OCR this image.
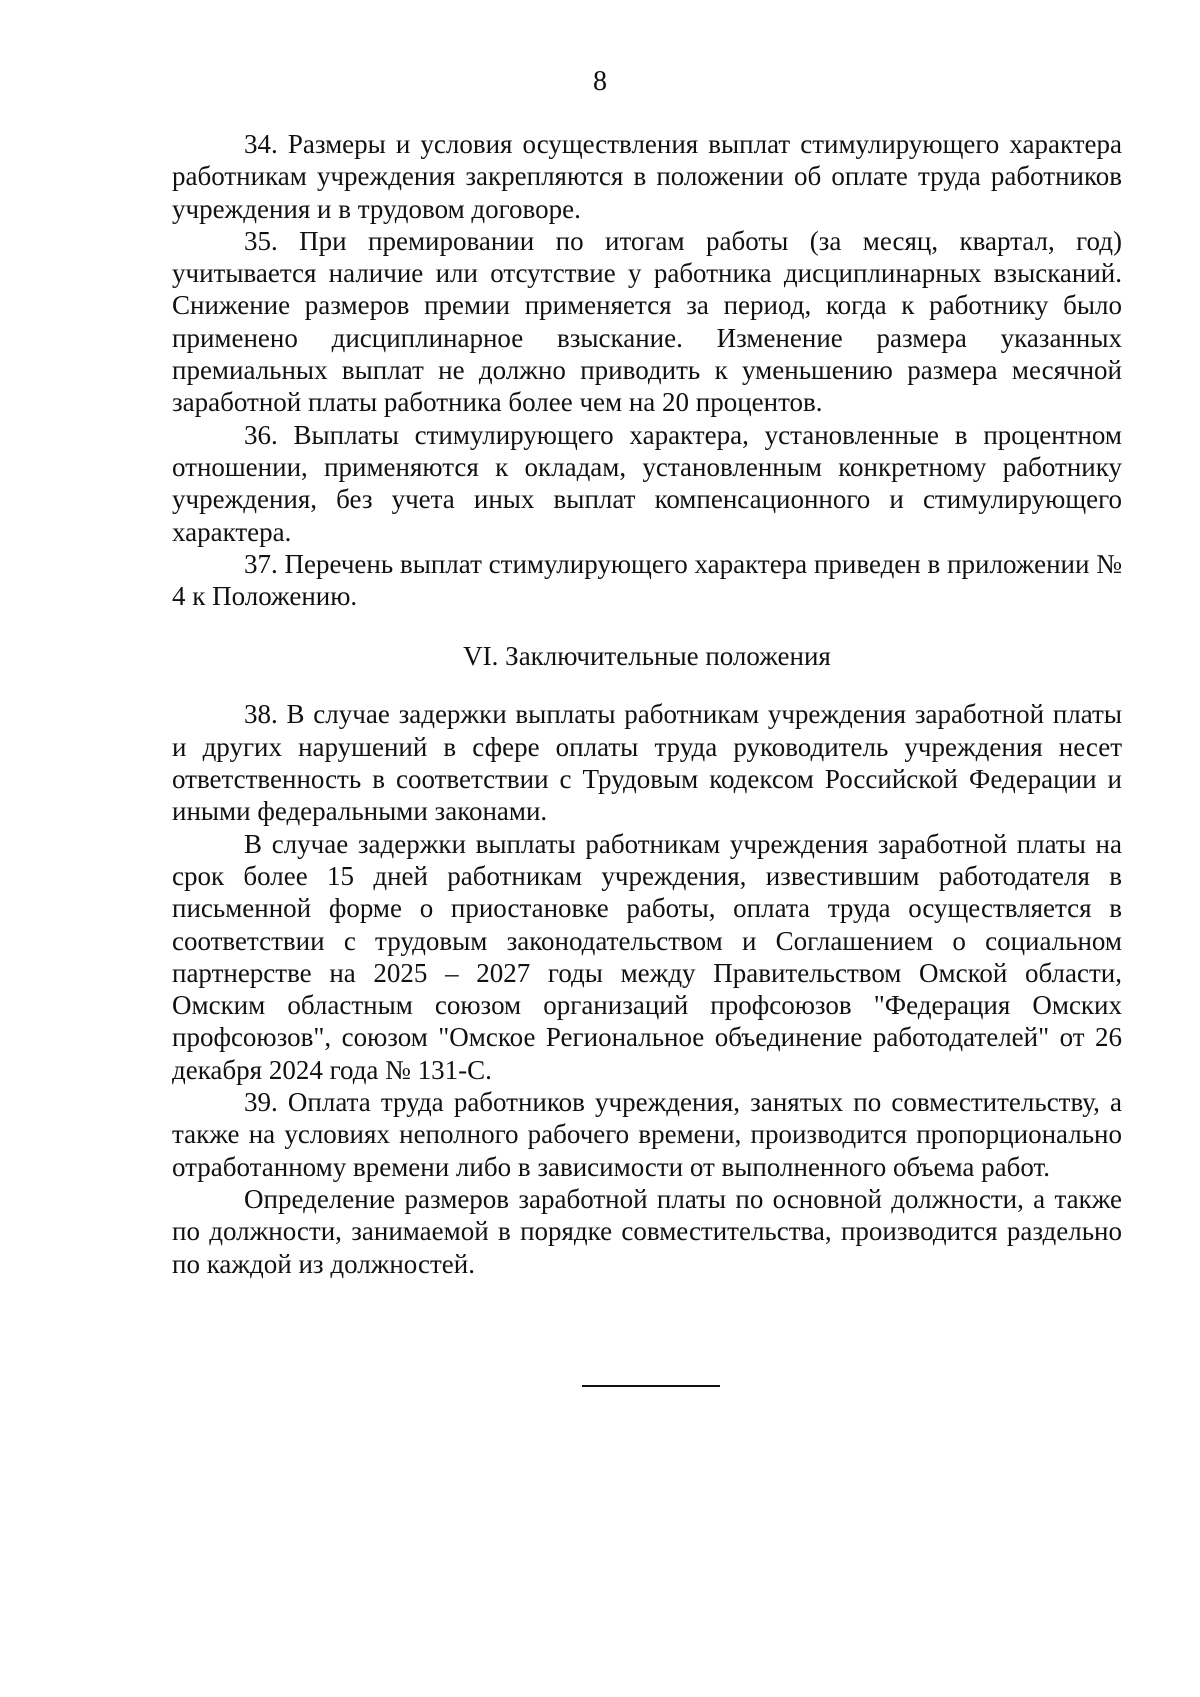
8

34. Размеры и условия осуществления выплат стимулирующего характера работникам учреждения закрепляются в положении об оплате труда работников учреждения и в трудовом договоре.

35. При премировании по итогам работы (за месяц, квартал, год) учитывается наличие или отсутствие у работника дисциплинарных взысканий. Снижение размеров премии применяется за период, когда к работнику было применено дисциплинарное взыскание. Изменение размера указанных премиальных выплат не должно приводить к уменьшению размера месячной заработной платы работника более чем на 20 процентов.

36. Выплаты стимулирующего характера, установленные в процентном отношении, применяются к окладам, установленным конкретному работнику учреждения, без учета иных выплат компенсационного и стимулирующего характера.

37. Перечень выплат стимулирующего характера приведен в приложении № 4 к Положению.

VI. Заключительные положения

38. В случае задержки выплаты работникам учреждения заработной платы и других нарушений в сфере оплаты труда руководитель учреждения несет ответственность в соответствии с Трудовым кодексом Российской Федерации и иными федеральными законами.

В случае задержки выплаты работникам учреждения заработной платы на срок более 15 дней работникам учреждения, известившим работодателя в письменной форме о приостановке работы, оплата труда осуществляется в соответствии с трудовым законодательством и Соглашением о социальном партнерстве на 2025 – 2027 годы между Правительством Омской области, Омским областным союзом организаций профсоюзов "Федерация Омских профсоюзов", союзом "Омское Региональное объединение работодателей" от 26 декабря 2024 года № 131-С.

39. Оплата труда работников учреждения, занятых по совместительству, а также на условиях неполного рабочего времени, производится пропорционально отработанному времени либо в зависимости от выполненного объема работ.

Определение размеров заработной платы по основной должности, а также по должности, занимаемой в порядке совместительства, производится раздельно по каждой из должностей.
